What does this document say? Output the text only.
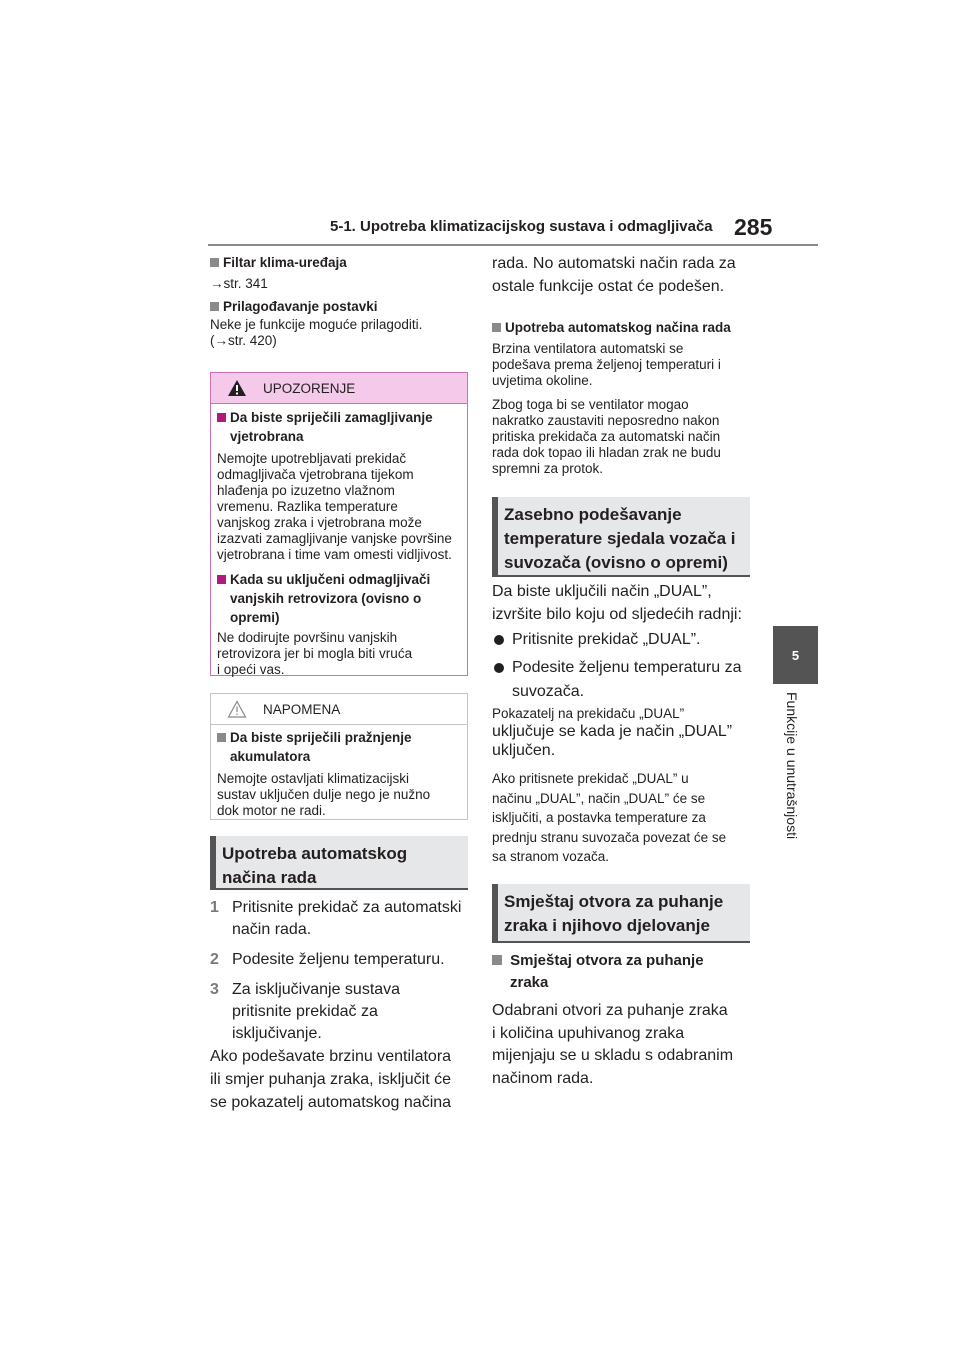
5-1. Upotreba klimatizacijskog sustava i odmagljivača 285
5
Funkcije u unutrašnjosti

Filtar klima-uređaja

→str. 341

Prilagođavanje postavki

Neke je funkcije moguće prilagoditi.

(→str. 420)

UPOZORENJE

Da biste spriječili zamagljivanje

vjetrobrana

Nemojte upotrebljavati prekidač
odmagljivača vjetrobrana tijekom
hlađenja po izuzetno vlažnom
vremenu. Razlika temperature
vanjskog zraka i vjetrobrana može
izazvati zamagljivanje vanjske površine
vjetrobrana i time vam omesti vidljivost.

Kada su uključeni odmagljivači

vanjskih retrovizora (ovisno o

opremi)

Ne dodirujte površinu vanjskih
retrovizora jer bi mogla biti vruća
i opeći vas.
NAPOMENA

Da biste spriječili pražnjenje

akumulatora

Nemojte ostavljati klimatizacijski
sustav uključen dulje nego je nužno
dok motor ne radi.
Upotreba automatskog
načina rada
1 Pritisnite prekidač za automatski
način rada.
2 Podesite željenu temperaturu.
3 Za isključivanje sustava
pritisnite prekidač za
isključivanje.
Ako podešavate brzinu ventilatora
ili smjer puhanja zraka, isključit će
se pokazatelj automatskog načina
rada. No automatski način rada za
ostale funkcije ostat će podešen.

Upotreba automatskog načina rada

Brzina ventilatora automatski se
podešava prema željenoj temperaturi i
uvjetima okoline.
Zbog toga bi se ventilator mogao
nakratko zaustaviti neposredno nakon
pritiska prekidača za automatski način
rada dok topao ili hladan zrak ne budu
spremni za protok.
Zasebno podešavanje
temperature sjedala vozača i
suvozača (ovisno o opremi)
Da biste uključili način „DUAL”,
izvršite bilo koju od sljedećih radnji:
Pritisnite prekidač „DUAL”.
Podesite željenu temperaturu za
suvozača.
Pokazatelj na prekidaču „DUAL”
uključuje se kada je način „DUAL”
uključen.
Ako pritisnete prekidač „DUAL” u
načinu „DUAL”, način „DUAL” će se
isključiti, a postavka temperature za
prednju stranu suvozača povezat će se
sa stranom vozača.
Smještaj otvora za puhanje
zraka i njihovo djelovanje
Smještaj otvora za puhanje
zraka
Odabrani otvori za puhanje zraka
i količina upuhivanog zraka
mijenjaju se u skladu s odabranim
načinom rada.
